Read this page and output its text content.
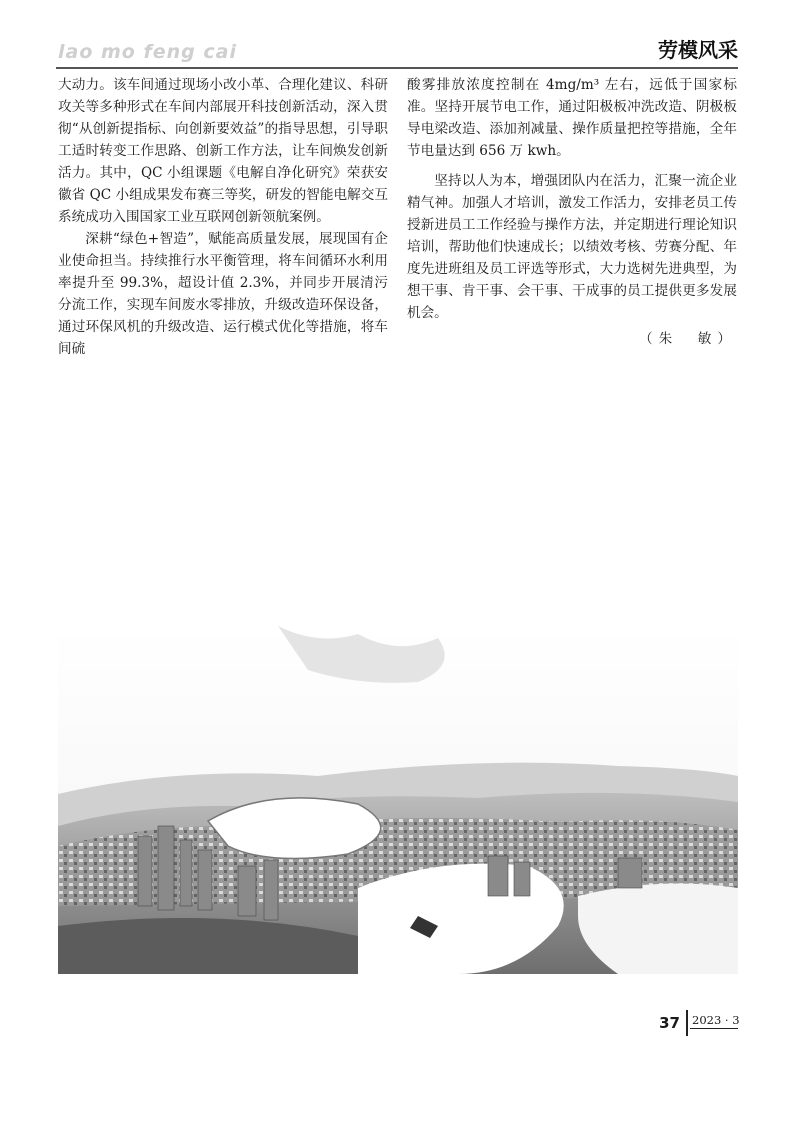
lao mo feng cai	劳模风采

大动力。该车间通过现场小改小革、合理化建议、科研攻关等多种形式在车间内部展开科技创新活动，深入贯彻“从创新提指标、向创新要效益”的指导思想，引导职工适时转变工作思路、创新工作方法，让车间焕发创新活力。其中，QC 小组课题《电解自净化研究》荣获安徽省 QC 小组成果发布赛三等奖，研发的智能电解交互系统成功入围国家工业互联网创新领航案例。

深耕“绿色+智造”，赋能高质量发展，展现国有企业使命担当。持续推行水平衡管理，将车间循环水利用率提升至 99.3%，超设计值 2.3%，并同步开展清污分流工作，实现车间废水零排放，升级改造环保设备，通过环保风机的升级改造、运行模式优化等措施，将车间硫

酸雾排放浓度控制在 4mg/m³ 左右，远低于国家标准。坚持开展节电工作，通过阳极板冲洗改造、阴极板导电梁改造、添加剂减量、操作质量把控等措施，全年节电量达到 656 万 kwh。

坚持以人为本，增强团队内在活力，汇聚一流企业精气神。加强人才培训，激发工作活力，安排老员工传授新进员工工作经验与操作方法，并定期进行理论知识培训，帮助他们快速成长；以绩效考核、劳赛分配、年度先进班组及员工评选等形式，大力选树先进典型，为想干事、肯干事、会干事、干成事的员工提供更多发展机会。

（朱　敏）

37	2023 · 3
